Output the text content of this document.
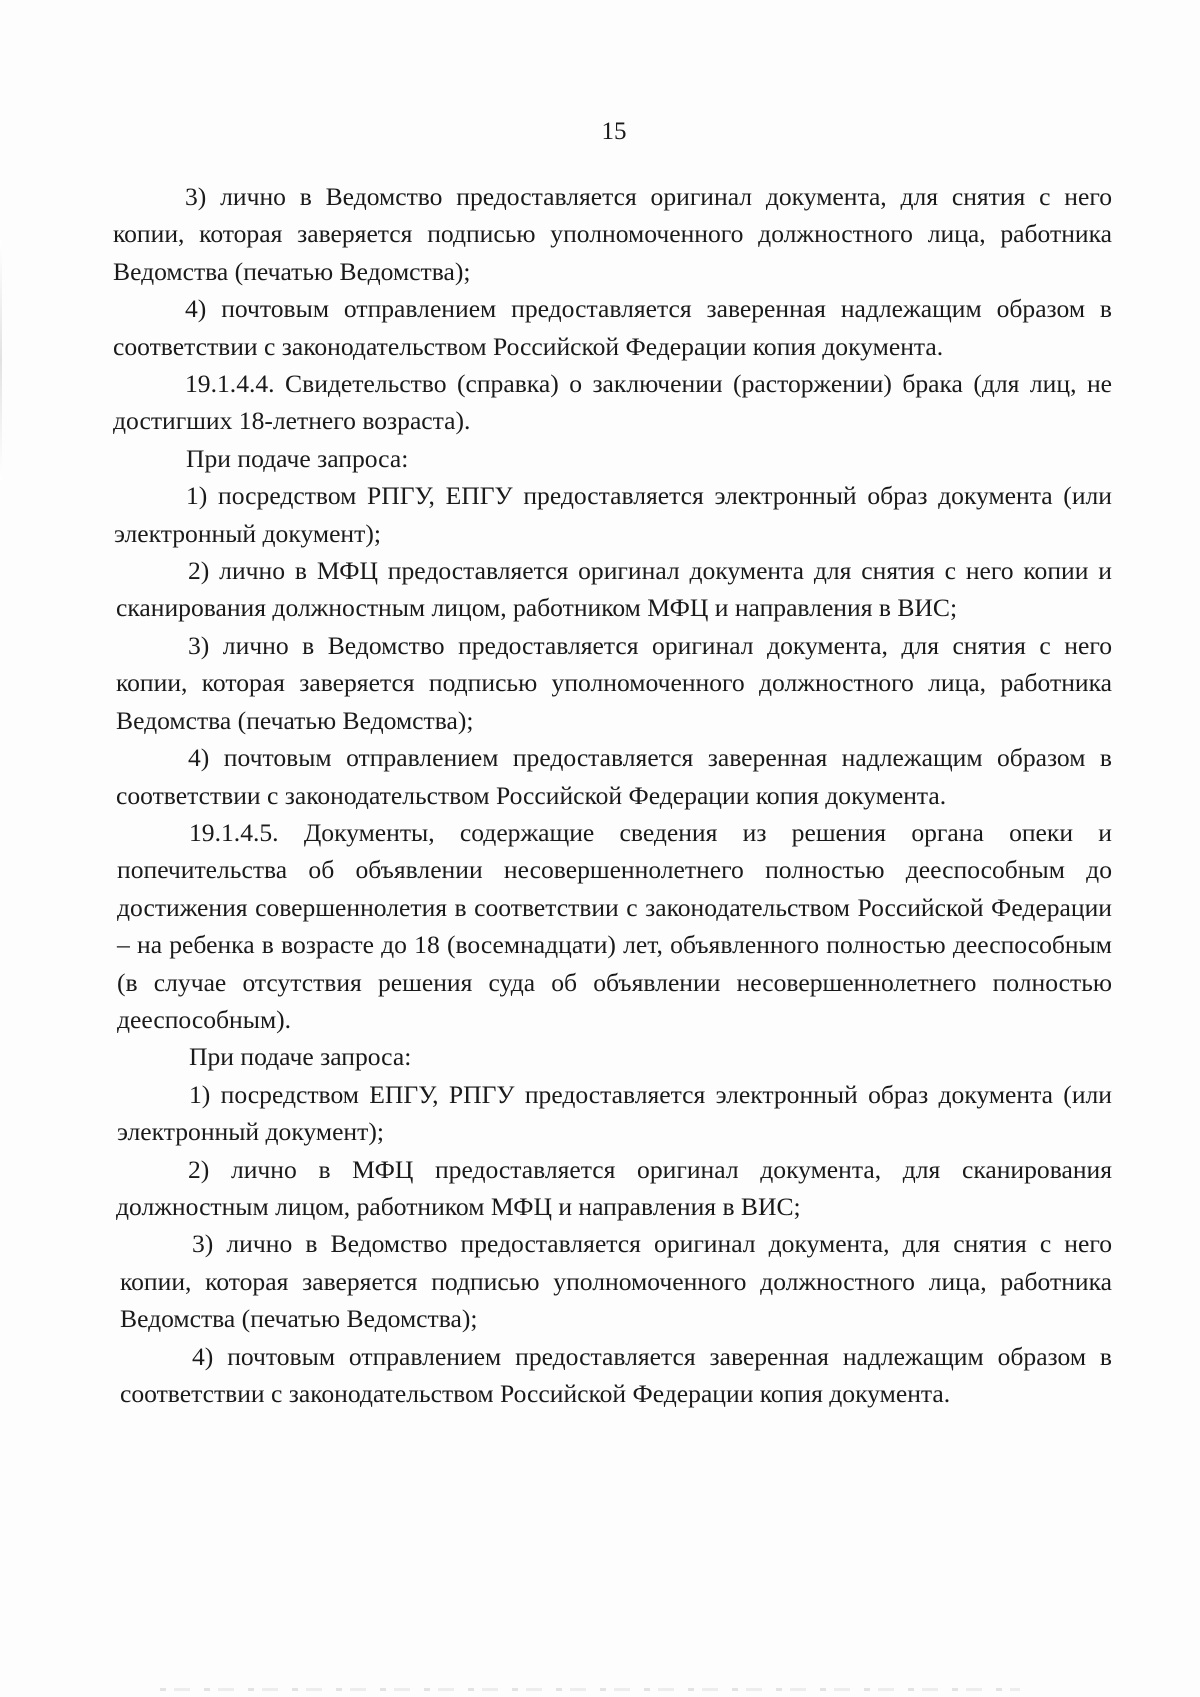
15

3) лично в Ведомство предоставляется оригинал документа, для снятия с него копии, которая заверяется подписью уполномоченного должностного лица, работника Ведомства (печатью Ведомства);

4) почтовым отправлением предоставляется заверенная надлежащим образом в соответствии с законодательством Российской Федерации копия документа.

19.1.4.4. Свидетельство (справка) о заключении (расторжении) брака (для лиц, не достигших 18-летнего возраста).

При подаче запроса:

1) посредством РПГУ, ЕПГУ предоставляется электронный образ документа (или электронный документ);

2) лично в МФЦ предоставляется оригинал документа для снятия с него копии и сканирования должностным лицом, работником МФЦ и направления в ВИС;

3) лично в Ведомство предоставляется оригинал документа, для снятия с него копии, которая заверяется подписью уполномоченного должностного лица, работника Ведомства (печатью Ведомства);

4) почтовым отправлением предоставляется заверенная надлежащим образом в соответствии с законодательством Российской Федерации копия документа.

19.1.4.5. Документы, содержащие сведения из решения органа опеки и попечительства об объявлении несовершеннолетнего полностью дееспособным до достижения совершеннолетия в соответствии с законодательством Российской Федерации – на ребенка в возрасте до 18 (восемнадцати) лет, объявленного полностью дееспособным (в случае отсутствия решения суда об объявлении несовершеннолетнего полностью дееспособным).

При подаче запроса:

1) посредством ЕПГУ, РПГУ предоставляется электронный образ документа (или электронный документ);

2) лично в МФЦ предоставляется оригинал документа, для сканирования должностным лицом, работником МФЦ и направления в ВИС;

3) лично в Ведомство предоставляется оригинал документа, для снятия с него копии, которая заверяется подписью уполномоченного должностного лица, работника Ведомства (печатью Ведомства);

4) почтовым отправлением предоставляется заверенная надлежащим образом в соответствии с законодательством Российской Федерации копия документа.
